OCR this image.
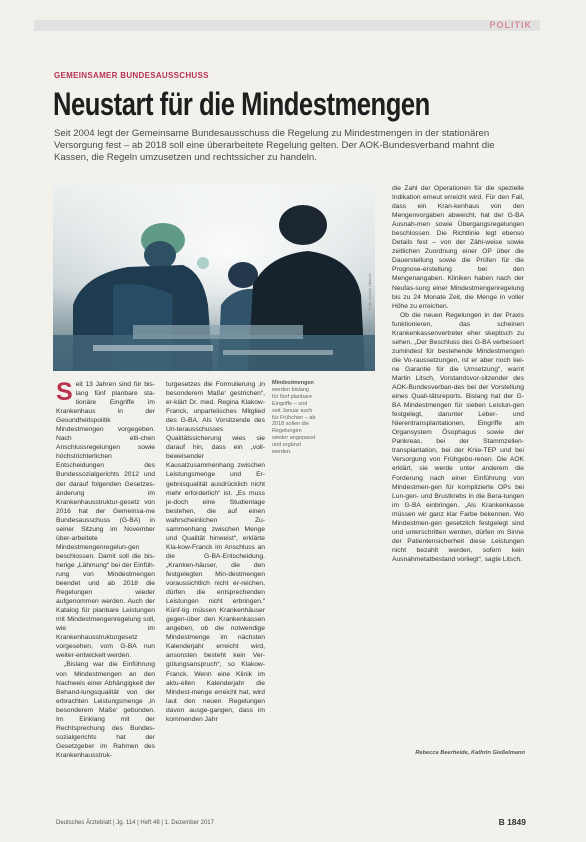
POLITIK
GEMEINSAMER BUNDESAUSSCHUSS
Neustart für die Mindestmengen
Seit 2004 legt der Gemeinsame Bundesausschuss die Regelung zu Mindestmengen in der stationären Versorgung fest – ab 2018 soll eine überarbeitete Regelung gelten. Der AOK-Bundesverband mahnt die Kassen, die Regeln umzusetzen und rechtssicher zu handeln.
Foto: picture alliance
S eit 13 Jahren sind für bis-lang fünf planbare sta-tionäre Eingriffe im Krankenhaus in der Gesundheitspolitik Mindestmengen vorgegeben. Nach etli-chen Anschlussregelungen sowie höchstrichterlichen Entscheidungen des Bundessozialgerichts 2012 und der darauf folgenden Gesetzes-änderung im Krankenhausstruktur-gesetz von 2016 hat der Gemeinsa-me Bundesausschuss (G-BA) in seiner Sitzung im November über-arbeitete Mindestmengenregelun-gen beschlossen. Damit soll die bis-herige „Lähmung“ bei der Einfüh-rung von Mindestmengen beendet und ab 2018 die Regelungen wieder aufgenommen werden. Auch der Katalog für planbare Leistungen mit Mindestmengenregelung soll, wie im Krankenhausstrukturgesetz vorgesehen, vom G-BA nun weiter-entwickelt werden.

„Bislang war die Einführung von Mindestmengen an den Nachweis einer Abhängigkeit der Behand-lungsqualität von der erbrachten Leistungsmenge ‚in besonderem Maße‘ gebunden. Im Einklang mit der Rechtsprechung des Bundes-sozialgerichts hat der Gesetzgeber im Rahmen des Krankenhausstruk-

turgesetzes die Formulierung ‚in besonderem Maße‘ gestrichen“, er-klärt Dr. med. Regina Klakow-Franck, unparteiisches Mitglied des G-BA. Als Vorsitzende des Un-terausschusses Qualitätssicherung wies sie darauf hin, dass ein „voll-beweisender Kausalzusammenhang zwischen Leistungsmenge und Er-gebnisqualität ausdrücklich nicht mehr erforderlich“ ist. „Es muss je-doch eine Studienlage bestehen, die auf einen wahrscheinlichen Zu-sammenhang zwischen Menge und Qualität hinweist“, erklärte Kla-kow-Franck im Anschluss an die G-BA-Entscheidung. „Kranken-häuser, die den festgelegten Min-destmengen voraussichtlich nicht er-reichen, dürfen die entsprechenden Leistungen nicht erbringen.“ Künf-tig müssen Krankenhäuser gegen-über den Krankenkassen angeben, ob die notwendige Mindestmenge im nächsten Kalenderjahr erreicht wird, ansonsten besteht kein Ver-gütungsanspruch“, so Klakow-Franck. Wenn eine Klinik im aktu-ellen Kalenderjahr die Mindest-menge erreicht hat, wird laut den neuen Regelungen davon ausge-gangen, dass im kommenden Jahr

Mindestmengen
werden bislang für fünf planbare Eingriffe – und seit Januar auch für Frühchen – ab 2018 sollen die Regelungen wieder angepasst und ergänzt werden.

die Zahl der Operationen für die spezielle Indikation erneut erreicht wird. Für den Fall, dass ein Kran-kenhaus von den Mengenvorgaben abweicht, hat der G-BA Ausnah-men sowie Übergangsregelungen beschlossen. Die Richtlinie legt ebenso Details fest – von der Zähl-weise sowie zeitlichen Zuordnung einer OP über die Dauerstellung sowie die Prüfen für die Prognose-erstellung bei den Mengenangaben. Kliniken haben nach der Neufas-sung einer Mindestmengenregelung bis zu 24 Monate Zeit, die Menge in voller Höhe zu erreichen.

Ob die neuen Regelungen in der Praxis funktionieren, das scheinen Krankenkassenvertreter eher skeptisch zu sehen. „Der Beschluss des G-BA verbessert zumindest für bestehende Mindestmengen die Vo-raussetzungen, ist er aber noch kei-ne Garantie für die Umsetzung“, warnt Martin Litsch, Vorstandsvor-sitzender des AOK-Bundesverban-des bei der Vorstellung eines Quali-tätsreports. Bislang hat der G-BA Mindestmengen für sieben Leistun-gen festgelegt, darunter Leber- und Nierentransplantationen, Eingriffe am Organsystem Ösophagus sowie der Pankreas, bei der Stammzellen-transplantation, bei der Knie-TEP und bei Versorgung von Frühgebo-renen. Die AOK erklärt, sie werde unter anderem die Forderung nach einer Einführung von Mindestmen-gen für komplizierte OPs bei Lun-gen- und Brustkrebs in die Bera-tungen im G-BA einbringen. „Als Krankenkasse müssen wir ganz klar Farbe bekennen. Wo Mindestmen-gen gesetzlich festgelegt sind und unterschritten werden, dürfen im Sinne der Patientensicherheit diese Leistungen nicht bezahlt werden, sofern kein Ausnahmetatbestand vorliegt“, sagte Litsch.

Rebecca Beerheide, Kathrin Gießelmann
Deutsches Ärzteblatt | Jg. 114 | Heft 48 | 1. Dezember 2017	B 1849
